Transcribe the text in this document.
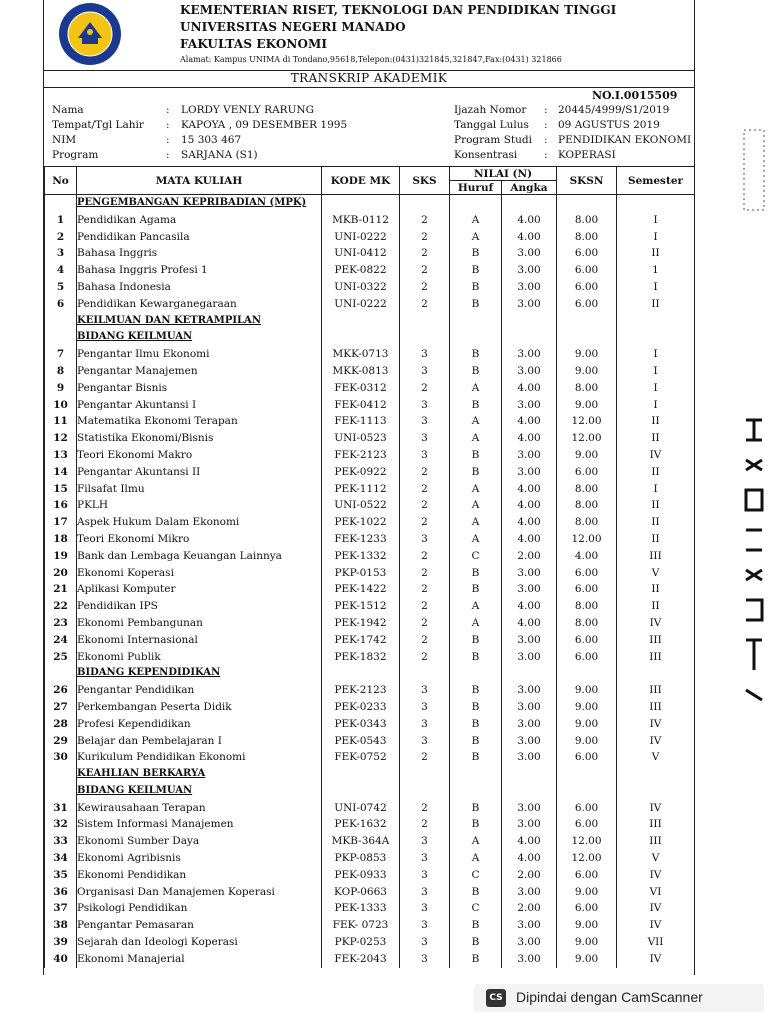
KEMENTERIAN RISET, TEKNOLOGI DAN PENDIDIKAN TINGGI
UNIVERSITAS NEGERI MANADO
FAKULTAS EKONOMI
Alamat: Kampus UNIMA di Tondano,95618,Telepon:(0431)321845,321847,Fax:(0431) 321866
TRANSKRIP AKADEMIK
NO.I.0015509
Nama	: LORDY VENLY RARUNG
Tempat/Tgl Lahir : KAPOYA , 09 DESEMBER 1995
NIM	: 15 303 467
Program	: SARJANA (S1)
Ijazah Nomor : 20445/4999/S1/2019
Tanggal Lulus : 09 AGUSTUS 2019
Program Studi : PENDIDIKAN EKONOMI
Konsentrasi	: KOPERASI
No	MATA KULIAH	KODE MK	SKS	NILAI (N)		SKSN	Semester
				Huruf	Angka		
	PENGEMBANGAN KEPRIBADIAN (MPK)						
1	Pendidikan Agama	MKB-0112	2	A	4.00	8.00	I
2	Pendidikan Pancasila	UNI-0222	2	A	4.00	8.00	I
3	Bahasa Inggris	UNI-0412	2	B	3.00	6.00	II
4	Bahasa Inggris Profesi 1	PEK-0822	2	B	3.00	6.00	1
5	Bahasa Indonesia	UNI-0322	2	B	3.00	6.00	I
6	Pendidikan Kewarganegaraan	UNI-0222	2	B	3.00	6.00	II
	KEILMUAN DAN KETRAMPILAN						
	BIDANG KEILMUAN						
7	Pengantar Ilmu Ekonomi	MKK-0713	3	B	3.00	9.00	I
8	Pengantar Manajemen	MKK-0813	3	B	3.00	9.00	I
9	Pengantar Bisnis	FEK-0312	2	A	4.00	8.00	I
10	Pengantar Akuntansi I	FEK-0412	3	B	3.00	9.00	I
11	Matematika Ekonomi Terapan	FEK-1113	3	A	4.00	12.00	II
12	Statistika Ekonomi/Bisnis	UNI-0523	3	A	4.00	12.00	II
13	Teori Ekonomi Makro	FEK-2123	3	B	3.00	9.00	IV
14	Pengantar Akuntansi II	PEK-0922	2	B	3.00	6.00	II
15	Filsafat Ilmu	PEK-1112	2	A	4.00	8.00	I
16	PKLH	UNI-0522	2	A	4.00	8.00	II
17	Aspek Hukum Dalam Ekonomi	PEK-1022	2	A	4.00	8.00	II
18	Teori Ekonomi Mikro	FEK-1233	3	A	4.00	12.00	II
19	Bank dan Lembaga Keuangan Lainnya	PEK-1332	2	C	2.00	4.00	III
20	Ekonomi Koperasi	PKP-0153	2	B	3.00	6.00	V
21	Aplikasi Komputer	PEK-1422	2	B	3.00	6.00	II
22	Pendidikan IPS	PEK-1512	2	A	4.00	8.00	II
23	Ekonomi Pembangunan	PEK-1942	2	A	4.00	8.00	IV
24	Ekonomi Internasional	PEK-1742	2	B	3.00	6.00	III
25	Ekonomi Publik	PEK-1832	2	B	3.00	6.00	III
	BIDANG KEPENDIDIKAN						
26	Pengantar Pendidikan	PEK-2123	3	B	3.00	9.00	III
27	Perkembangan Peserta Didik	PEK-0233	3	B	3.00	9.00	III
28	Profesi Kependidikan	PEK-0343	3	B	3.00	9.00	IV
29	Belajar dan Pembelajaran I	PEK-0543	3	B	3.00	9.00	IV
30	Kurikulum Pendidikan Ekonomi	FEK-0752	2	B	3.00	6.00	V
	KEAHLIAN BERKARYA						
	BIDANG KEILMUAN						
31	Kewirausahaan Terapan	UNI-0742	2	B	3.00	6.00	IV
32	Sistem Informasi Manajemen	PEK-1632	2	B	3.00	6.00	III
33	Ekonomi Sumber Daya	MKB-364A	3	A	4.00	12.00	III
34	Ekonomi Agribisnis	PKP-0853	3	A	4.00	12.00	V
35	Ekonomi Pendidikan	PEK-0933	3	C	2.00	6.00	IV
36	Organisasi Dan Manajemen Koperasi	KOP-0663	3	B	3.00	9.00	VI
37	Psikologi Pendidikan	PEK-1333	3	C	2.00	6.00	IV
38	Pengantar Pemasaran	FEK- 0723	3	B	3.00	9.00	IV
39	Sejarah dan Ideologi Koperasi	PKP-0253	3	B	3.00	9.00	VII
40	Ekonomi Manajerial	FEK-2043	3	B	3.00	9.00	IV
CS Dipindai dengan CamScanner
